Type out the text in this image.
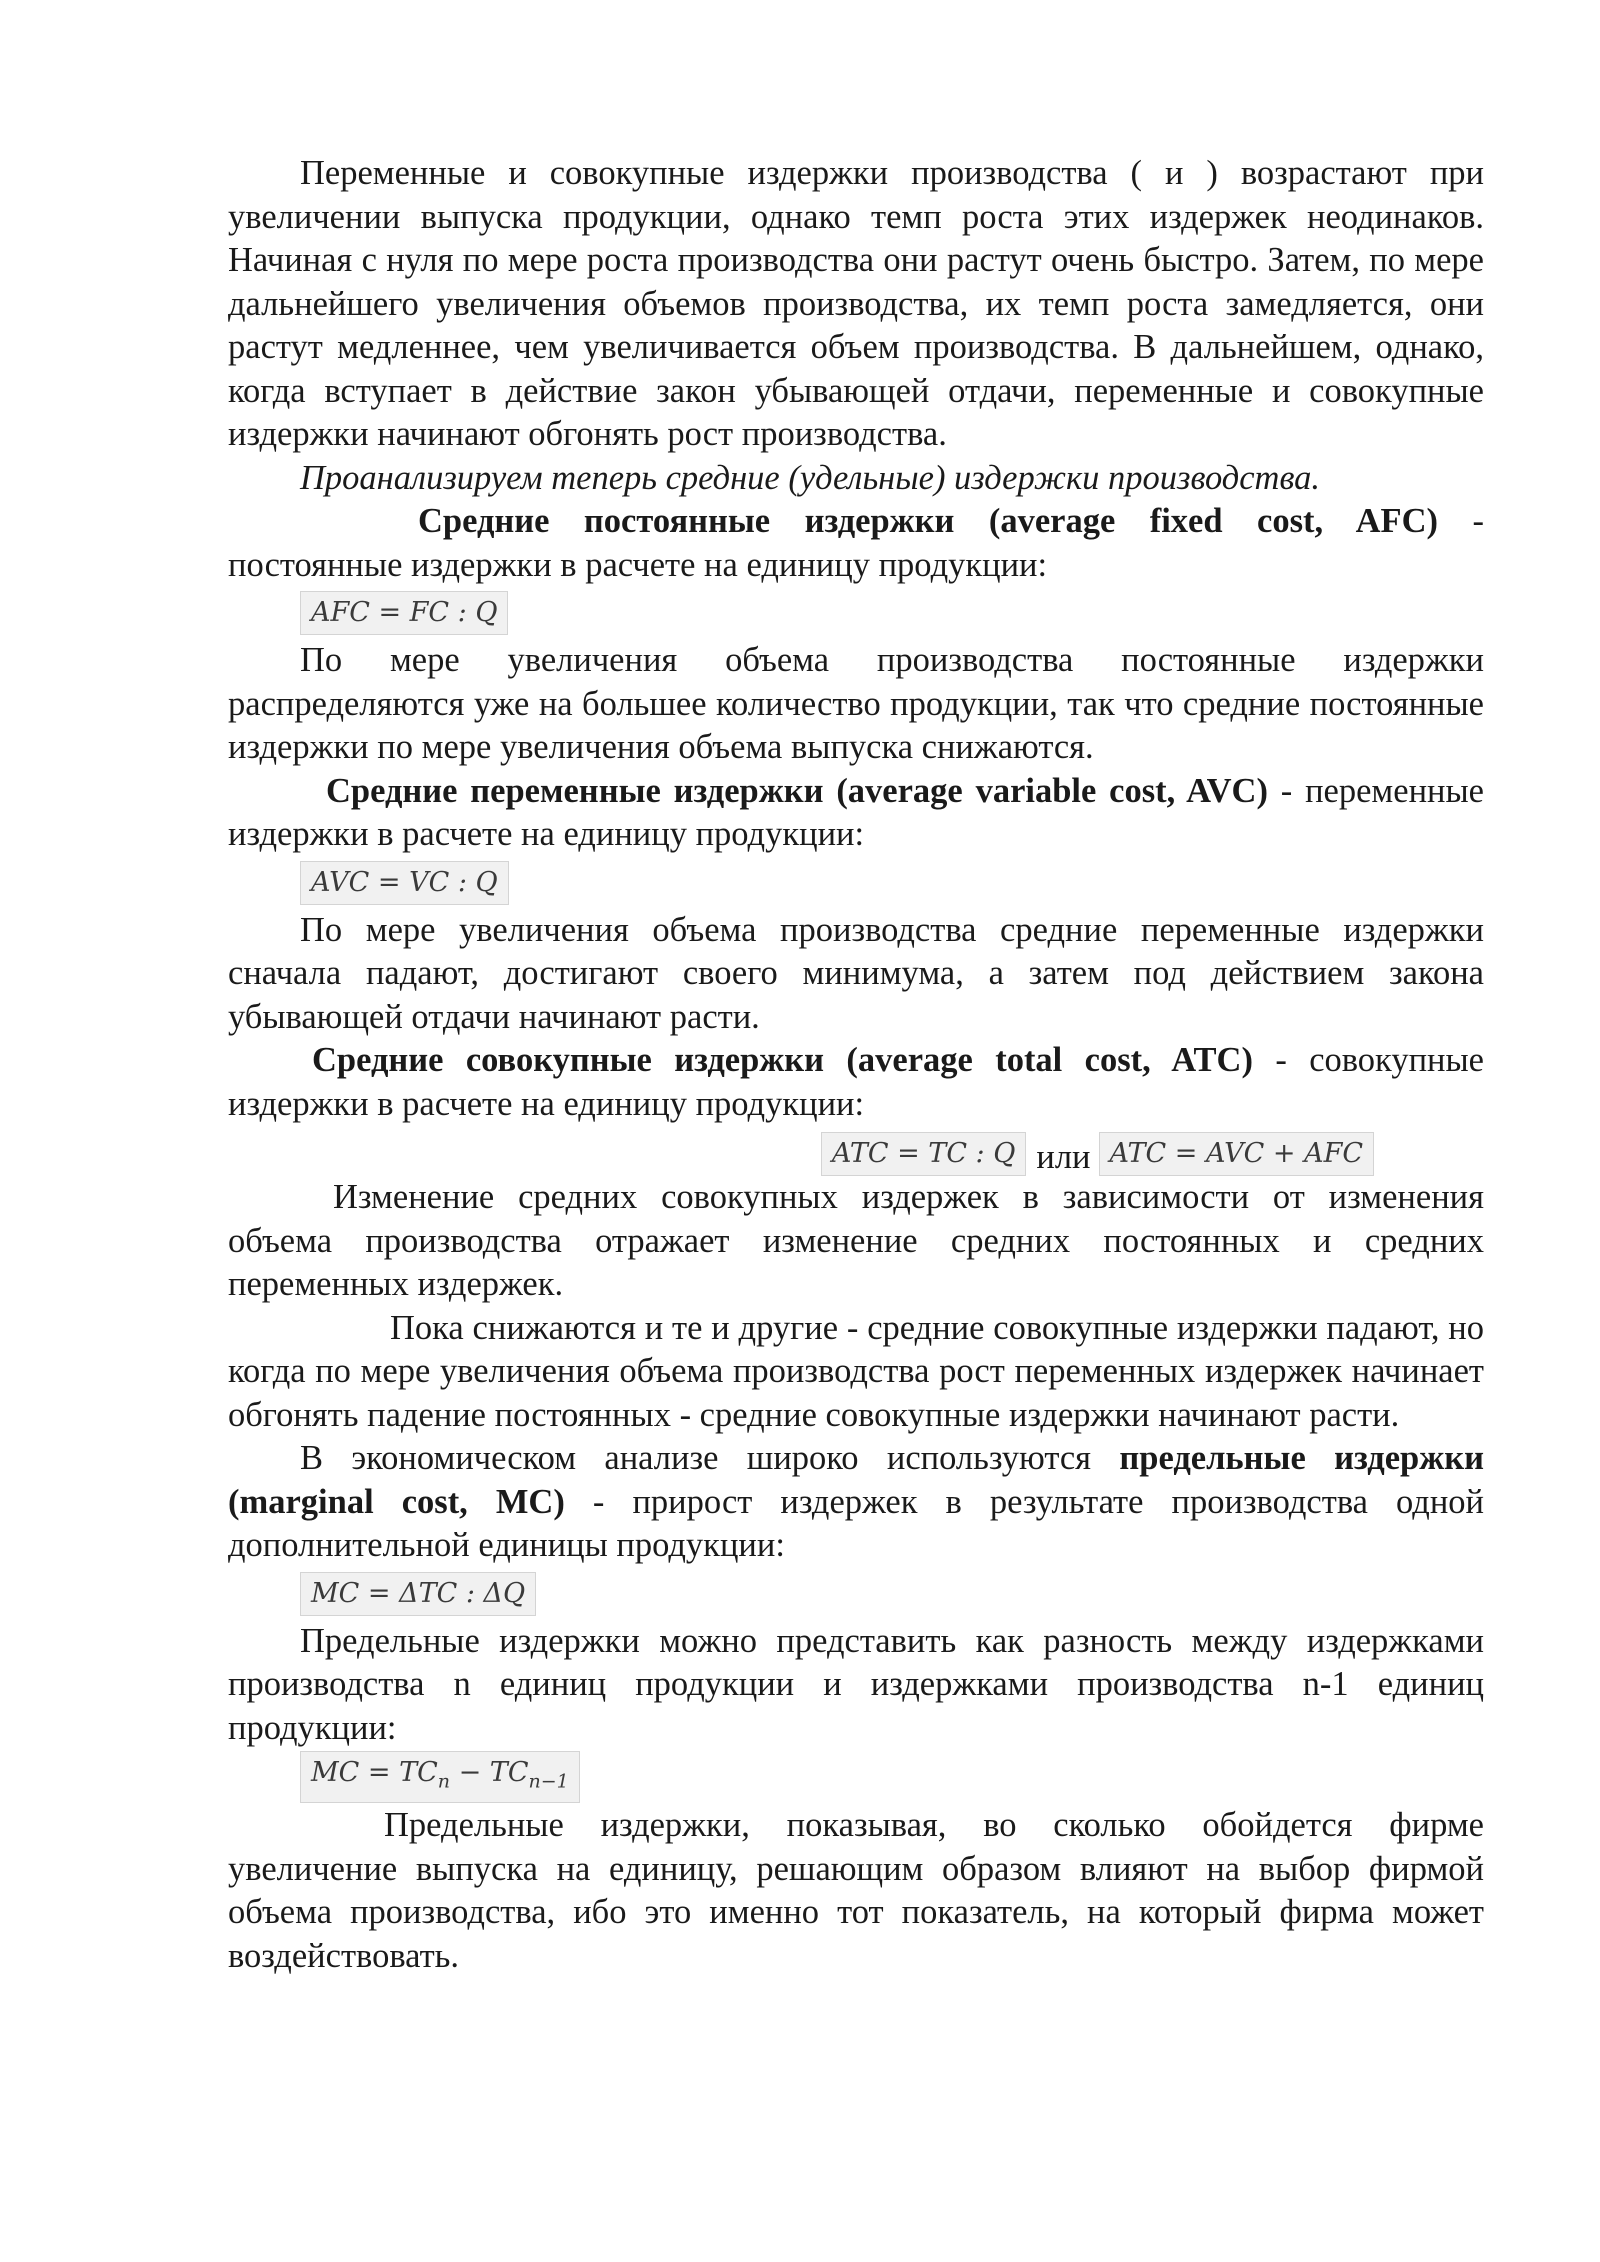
Переменные и совокупные издержки производства ( и ) возрастают при увеличении выпуска продукции, однако темп роста этих издержек неодинаков. Начиная с нуля по мере роста производства они растут очень быстро. Затем, по мере дальнейшего увеличения объемов производства, их темп роста замедляется, они растут медленнее, чем увеличивается объем производства. В дальнейшем, однако, когда вступает в действие закон убывающей отдачи, переменные и совокупные издержки начинают обгонять рост производства.

Проанализируем теперь средние (удельные) издержки производства.

Средние постоянные издержки (average fixed cost, AFC) - постоянные издержки в расчете на единицу продукции:

AFC = FC : Q

По мере увеличения объема производства постоянные издержки распределяются уже на большее количество продукции, так что средние постоянные издержки по мере увеличения объема выпуска снижаются.

Средние переменные издержки (average variable cost, AVC) - переменные издержки в расчете на единицу продукции:

AVC = VC : Q

По мере увеличения объема производства средние переменные издержки сначала падают, достигают своего минимума, а затем под действием закона убывающей отдачи начинают расти.

Средние совокупные издержки (average total cost, ATC) - совокупные издержки в расчете на единицу продукции:

ATC = TC : Q или ATC = AVC + AFC

Изменение средних совокупных издержек в зависимости от изменения объема производства отражает изменение средних постоянных и средних переменных издержек.

Пока снижаются и те и другие - средние совокупные издержки падают, но когда по мере увеличения объема производства рост переменных издержек начинает обгонять падение постоянных - средние совокупные издержки начинают расти.

В экономическом анализе широко используются предельные издержки (marginal cost, MC) - прирост издержек в результате производства одной дополнительной единицы продукции:

MC = ΔTC : ΔQ

Предельные издержки можно представить как разность между издержками производства n единиц продукции и издержками производства n-1 единиц продукции:

MC = $TC_n - TC_{n-1}$

Предельные издержки, показывая, во сколько обойдется фирме увеличение выпуска на единицу, решающим образом влияют на выбор фирмой объема производства, ибо это именно тот показатель, на который фирма может воздействовать.
